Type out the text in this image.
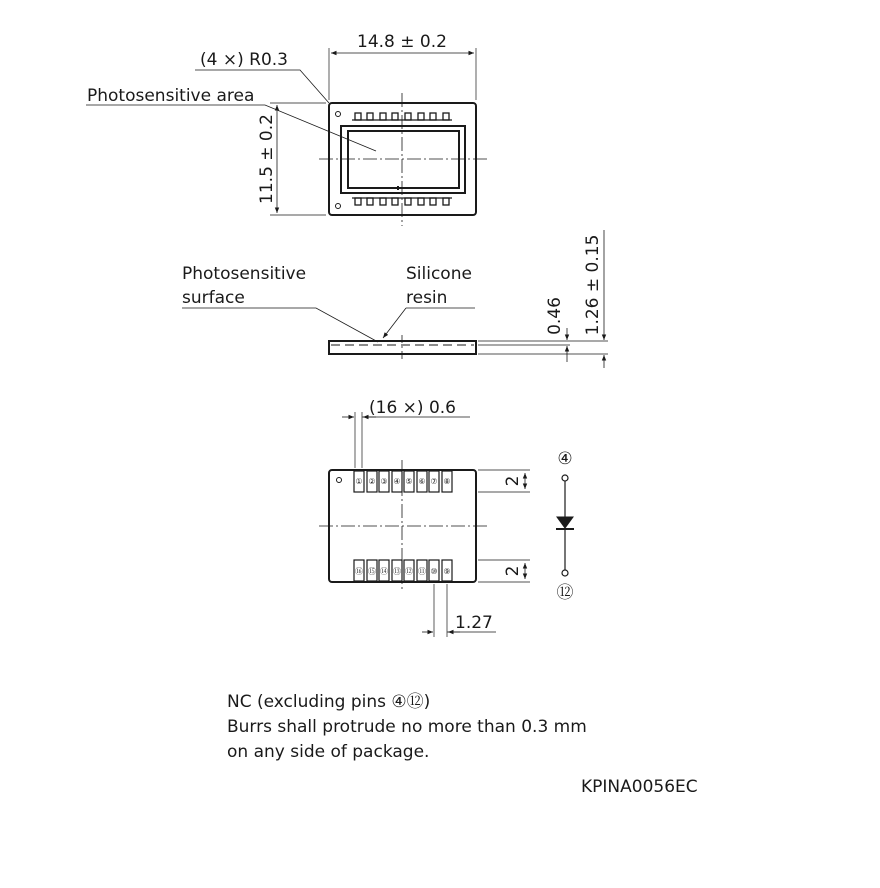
14.8 ± 0.2
(4 ×) R0.3
Photosensitive area
11.5 ± 0.2
Photosensitive
surface
Silicone
resin	0.46 1.26 ± 0.15
(16 ×) 0.6
1.27
2
2
① ② ③ ④ ⑤ ⑥ ⑦ ⑧
⑯ ⑮ ⑭ ⑬ ⑫ ⑪ ⑩ ⑨
④
⑫
NC (excluding pins ④⑫)
Burrs shall protrude no more than 0.3 mm
on any side of package.
KPINA0056EC
